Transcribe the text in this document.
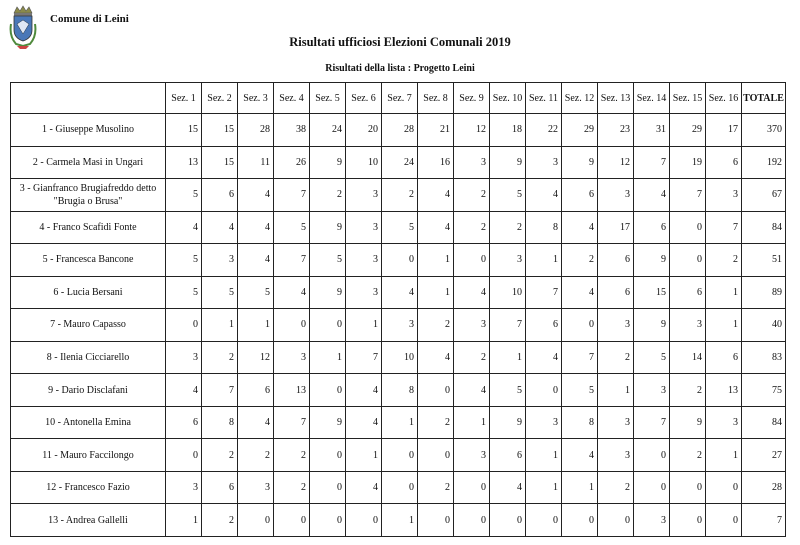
Comune di Leini
Risultati ufficiosi Elezioni Comunali 2019
Risultati della lista : Progetto Leini
	Sez. 1	Sez. 2	Sez. 3	Sez. 4	Sez. 5	Sez. 6	Sez. 7	Sez. 8	Sez. 9	Sez. 10	Sez. 11	Sez. 12	Sez. 13	Sez. 14	Sez. 15	Sez. 16	TOTALE
1 - Giuseppe Musolino	15	15	28	38	24	20	28	21	12	18	22	29	23	31	29	17	370
2 - Carmela Masi in Ungari	13	15	11	26	9	10	24	16	3	9	3	9	12	7	19	6	192
3 - Gianfranco Brugiafreddo detto "Brugia o Brusa"	5	6	4	7	2	3	2	4	2	5	4	6	3	4	7	3	67
4 - Franco Scafidi Fonte	4	4	4	5	9	3	5	4	2	2	8	4	17	6	0	7	84
5 - Francesca Bancone	5	3	4	7	5	3	0	1	0	3	1	2	6	9	0	2	51
6 - Lucia Bersani	5	5	5	4	9	3	4	1	4	10	7	4	6	15	6	1	89
7 - Mauro Capasso	0	1	1	0	0	1	3	2	3	7	6	0	3	9	3	1	40
8 - Ilenia Cicciarello	3	2	12	3	1	7	10	4	2	1	4	7	2	5	14	6	83
9 - Dario Disclafani	4	7	6	13	0	4	8	0	4	5	0	5	1	3	2	13	75
10 - Antonella Emina	6	8	4	7	9	4	1	2	1	9	3	8	3	7	9	3	84
11 - Mauro Faccilongo	0	2	2	2	0	1	0	0	3	6	1	4	3	0	2	1	27
12 - Francesco Fazio	3	6	3	2	0	4	0	2	0	4	1	1	2	0	0	0	28
13 - Andrea Gallelli	1	2	0	0	0	0	1	0	0	0	0	0	0	3	0	0	7
